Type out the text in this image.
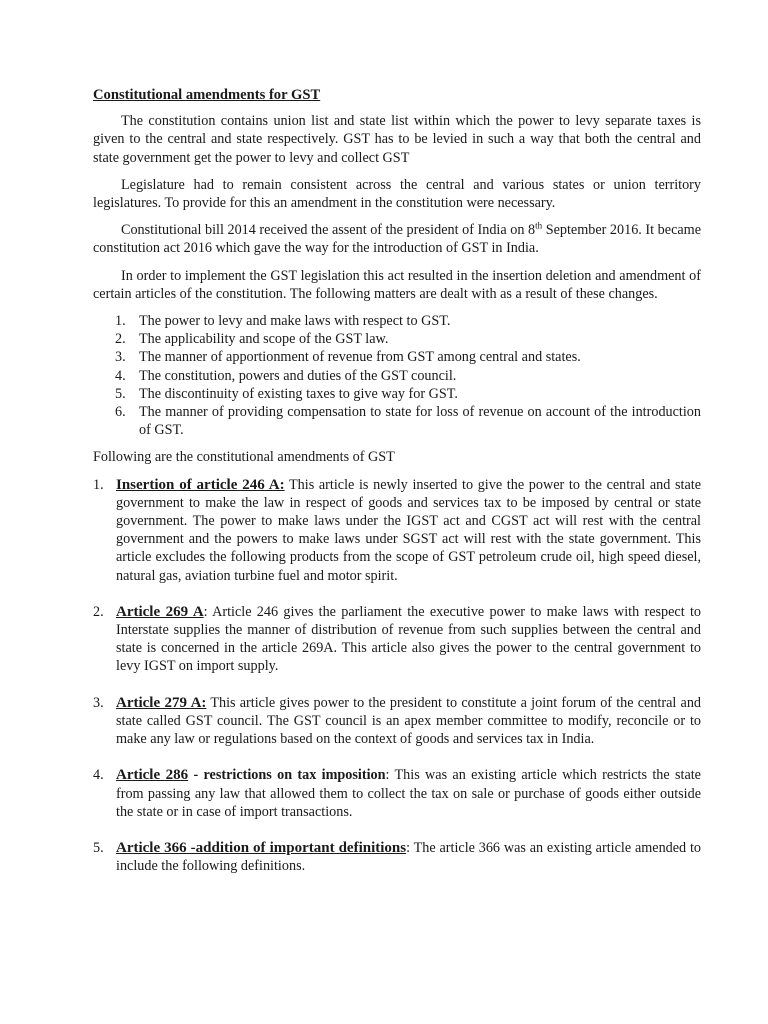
Constitutional amendments for GST

The constitution contains union list and state list within which the power to levy separate taxes is given to the central and state respectively. GST has to be levied in such a way that both the central and state government get the power to levy and collect GST

Legislature had to remain consistent across the central and various states or union territory legislatures. To provide for this an amendment in the constitution were necessary.

Constitutional bill 2014 received the assent of the president of India on 8th September 2016. It became constitution act 2016 which gave the way for the introduction of GST in India.

In order to implement the GST legislation this act resulted in the insertion deletion and amendment of certain articles of the constitution. The following matters are dealt with as a result of these changes.

1. The power to levy and make laws with respect to GST.
2. The applicability and scope of the GST law.
3. The manner of apportionment of revenue from GST among central and states.
4. The constitution, powers and duties of the GST council.
5. The discontinuity of existing taxes to give way for GST.
6. The manner of providing compensation to state for loss of revenue on account of the introduction of GST.

Following are the constitutional amendments of GST

1. Insertion of article 246 A: This article is newly inserted to give the power to the central and state government to make the law in respect of goods and services tax to be imposed by central or state government. The power to make laws under the IGST act and CGST act will rest with the central government and the powers to make laws under SGST act will rest with the state government. This article excludes the following products from the scope of GST petroleum crude oil, high speed diesel, natural gas, aviation turbine fuel and motor spirit.
2. Article 269 A: Article 246 gives the parliament the executive power to make laws with respect to Interstate supplies the manner of distribution of revenue from such supplies between the central and state is concerned in the article 269A. This article also gives the power to the central government to levy IGST on import supply.
3. Article 279 A: This article gives power to the president to constitute a joint forum of the central and state called GST council. The GST council is an apex member committee to modify, reconcile or to make any law or regulations based on the context of goods and services tax in India.
4. Article 286 - restrictions on tax imposition: This was an existing article which restricts the state from passing any law that allowed them to collect the tax on sale or purchase of goods either outside the state or in case of import transactions.
5. Article 366 -addition of important definitions: The article 366 was an existing article amended to include the following definitions.
